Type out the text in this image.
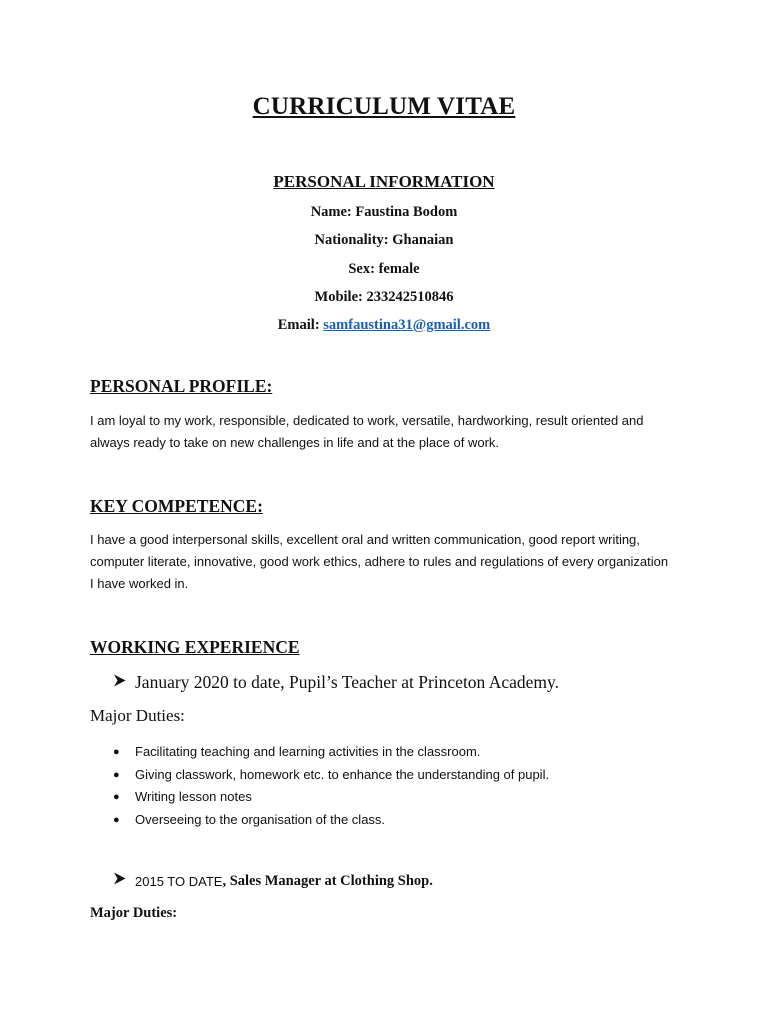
CURRICULUM VITAE
PERSONAL INFORMATION
Name: Faustina Bodom
Nationality: Ghanaian
Sex: female
Mobile: 233242510846
Email: samfaustina31@gmail.com
PERSONAL PROFILE:
I am loyal to my work, responsible, dedicated to work, versatile, hardworking, result oriented and always ready to take on new challenges in life and at the place of work.
KEY COMPETENCE:
I have a good interpersonal skills, excellent oral and written communication, good report writing, computer literate, innovative, good work ethics, adhere to rules and regulations of every organization I have worked in.
WORKING EXPERIENCE
January 2020 to date, Pupil’s Teacher at Princeton Academy.
Major Duties:
●	Facilitating teaching and learning activities in the classroom.
●	Giving classwork, homework etc. to enhance the understanding of pupil.
●	Writing lesson notes
●	Overseeing to the organisation of the class.
2015 TO DATE , Sales Manager at Clothing Shop.
Major Duties:
